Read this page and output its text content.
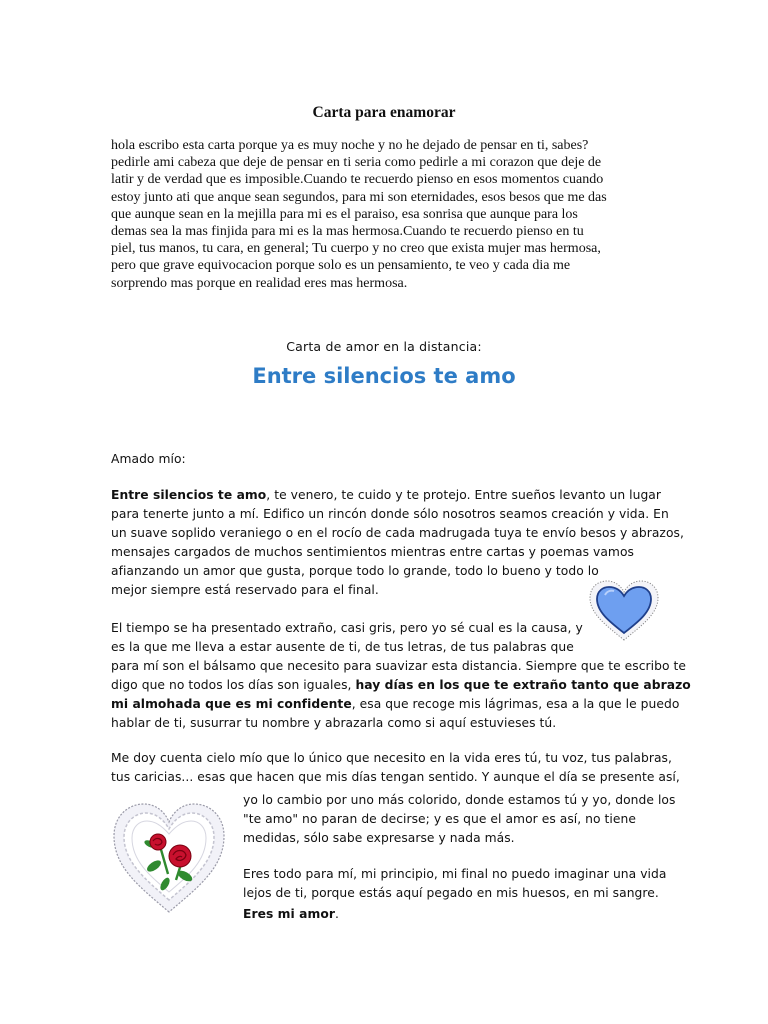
Carta para enamorar

hola escribo esta carta porque ya es muy noche y no he dejado de pensar en ti, sabes?
pedirle ami cabeza que deje de pensar en ti seria como pedirle a mi corazon que deje de
latir y de verdad que es imposible.Cuando te recuerdo pienso en esos momentos cuando
estoy junto ati que anque sean segundos, para mi son eternidades, esos besos que me das
que aunque sean en la mejilla para mi es el paraiso, esa sonrisa que aunque para los
demas sea la mas finjida para mi es la mas hermosa.Cuando te recuerdo pienso en tu
piel, tus manos, tu cara, en general; Tu cuerpo y no creo que exista mujer mas hermosa,
pero que grave equivocacion porque solo es un pensamiento, te veo y cada dia me
sorprendo mas porque en realidad eres mas hermosa.

Carta de amor en la distancia:
Entre silencios te amo
Amado mío:
Entre silencios te amo, te venero, te cuido y te protejo. Entre sueños levanto un lugar
para tenerte junto a mí. Edifico un rincón donde sólo nosotros seamos creación y vida. En
un suave soplido veraniego o en el rocío de cada madrugada tuya te envío besos y abrazos,
mensajes cargados de muchos sentimientos mientras entre cartas y poemas vamos
afianzando un amor que gusta, porque todo lo grande, todo lo bueno y todo lo
mejor siempre está reservado para el final.
El tiempo se ha presentado extraño, casi gris, pero yo sé cual es la causa, y
es la que me lleva a estar ausente de ti, de tus letras, de tus palabras que
para mí son el bálsamo que necesito para suavizar esta distancia. Siempre que te escribo te
digo que no todos los días son iguales, hay días en los que te extraño tanto que abrazo
mi almohada que es mi confidente, esa que recoge mis lágrimas, esa a la que le puedo
hablar de ti, susurrar tu nombre y abrazarla como si aquí estuvieses tú.
Me doy cuenta cielo mío que lo único que necesito en la vida eres tú, tu voz, tus palabras,
tus caricias... esas que hacen que mis días tengan sentido. Y aunque el día se presente así,
yo lo cambio por uno más colorido, donde estamos tú y yo, donde los
"te amo" no paran de decirse; y es que el amor es así, no tiene
medidas, sólo sabe expresarse y nada más.
Eres todo para mí, mi principio, mi final no puedo imaginar una vida
lejos de ti, porque estás aquí pegado en mis huesos, en mi sangre.
Eres mi amor.
